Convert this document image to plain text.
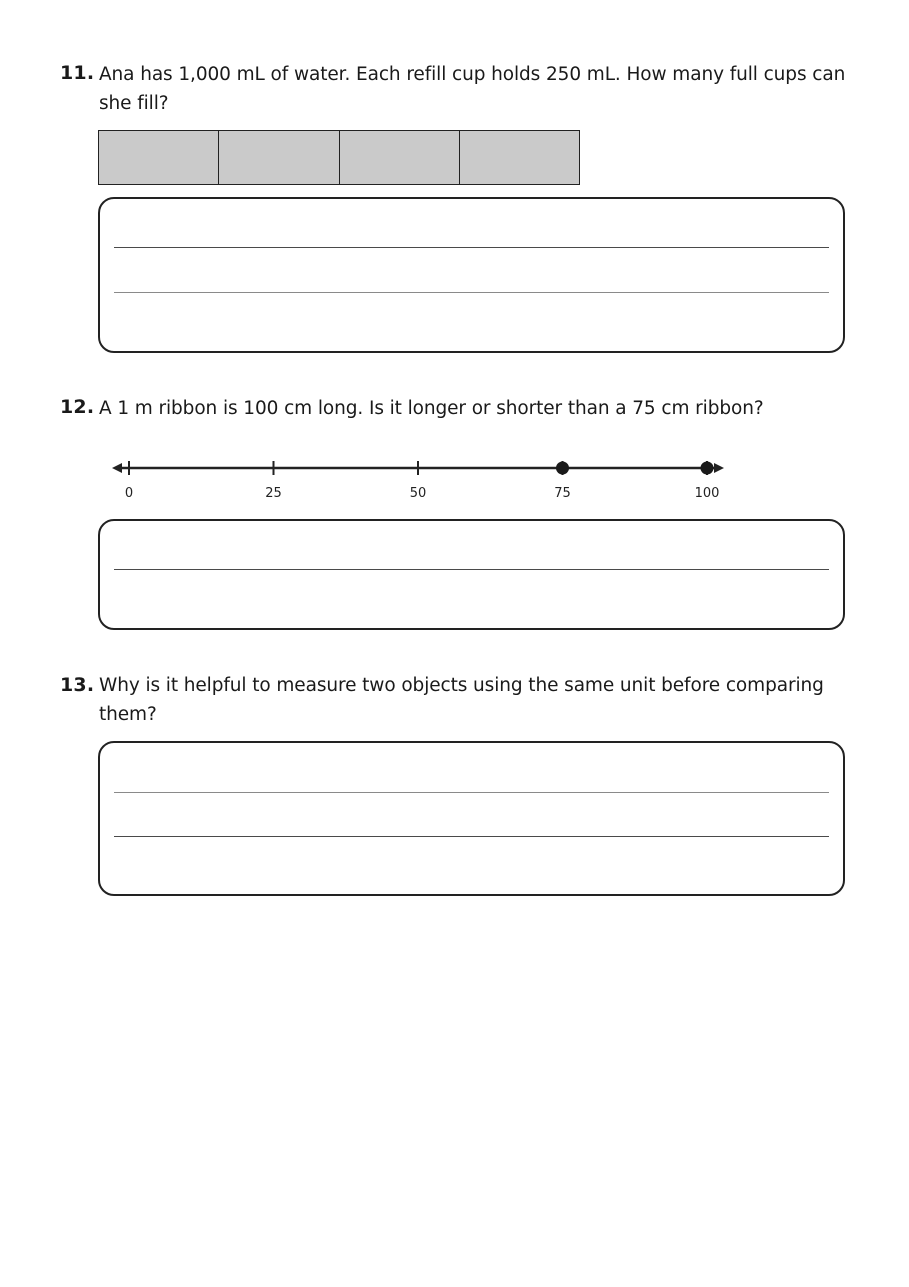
11. Ana has 1,000 mL of water. Each refill cup holds 250 mL. How many full cups can she fill?
12. A 1 m ribbon is 100 cm long. Is it longer or shorter than a 75 cm ribbon?
0	25	50	75	100
13. Why is it helpful to measure two objects using the same unit before comparing them?
